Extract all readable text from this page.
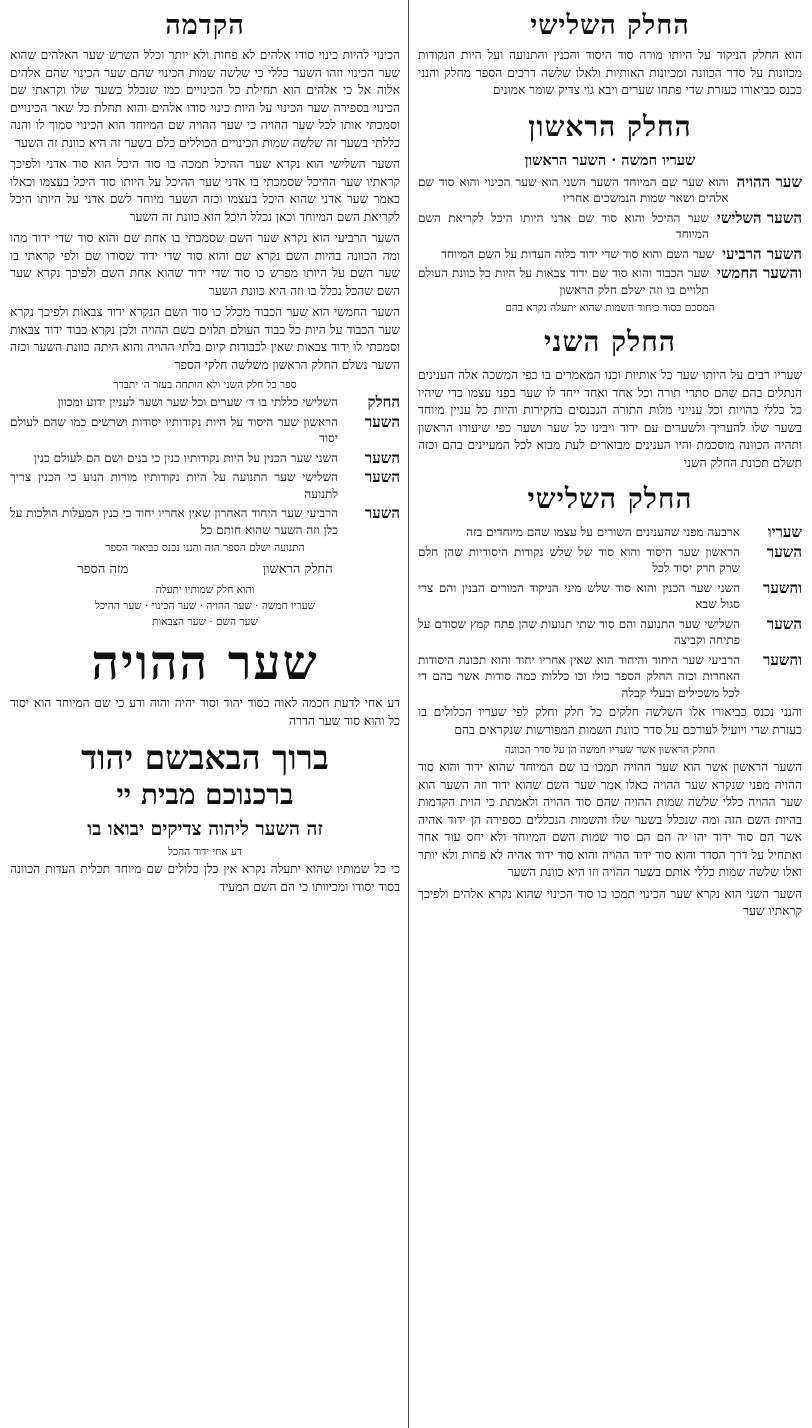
החלק השלישי

הוא החלק הניקוד על היותו מורה סוד היסוד והכנין והתנועה ועל היות הנקודות מכוונות על סדר הכוונה ומכיונות האותיות ולאלו שלשה דרכים הספר מחלק והנני ככנס כביאורו כעזרת שדי פתחו שערים ויבא גוי צדיק שומר אמונים

החלק הראשון
שעריו חמשה · השער הראשון
שער ההויה
והוא שער שם המיוחד השער השני הוא שער הכינוי והוא סוד שם אלהים ושאר שמות הנמשכים אחריו
השער השלישי
שער ההיכל והוא סוד שם אדני היותו היכל לקריאת השם המיוחד
השער הרביעי
שער השם והוא סוד שדי ידוד כלוה העדות על השם המיוחד
והשער החמשי
שער הכבוד והוא סוד שם ידוד צבאות על היות כל כוונת העולם תלויים בו וזה ישלם חלק הראשון

המסכם כסוד כיחוד השמות שהוא יתעלה נקרא בהם

החלק השני

שעריו רבים על היותו שער כל אותיות וכנו המאמרים בו כפי המשכה אלה הענינים הנתלים בהם שהם סתרי תורה וכל אחד ואחד ייחד לו שער בפני עצמו כדי שיהיו כל כללי כהויות וכל ענייני מלות התורה הנכנסים בחקירות והיות כל עניין מיוחד בשער שלו להעריך ולשערים עם ידוד ויבינו כל שער ושער כפי שיעורו הראשון ותהיה הכוונה מוסכמת והיו הענינים מבוארים לעת מבוא לכל המעיינים בהם וכזה תשלם תכונת החלק השני

החלק השלישי
שעריו
ארבעה מפני שהענינים השורים על עצמו שהם מיוחדים בזה
השער
הראשון שער היסוד והוא סוד של שלש נקודות היסודיות שהן חלם שרק חרק יסוד לכל
והשער
השני שער הכנין והוא סוד שלש מיני הניקוד המורים הבנין והם צרי סגול שבא
השער
השלישי שער התנועה והם סוד שתי תנועות שהן פתח קמץ שסודם על פתיחה וקביצה
והשער
הרביעי שער היחוד והיחוד הוא שאין אחריו יחוד והוא תכונת היסודות האחרות וכזה החלק הספר כולו וכו כללות כמה סודות אשר בהם די לכל משכילים ובעלי קבלה

והנני נכנס כביאורו אלו השלשה חלקים כל חלק וחלק לפי שעריו הכלולים בו כעזרת שדי ויועיל לעורכם על סדר כוונת השמות המפורשות שנקראים בהם

החלק הראשון אשר שעריו חמשה הן על סדר הכוונה

השער הראשון אשר הוא שער ההויה תמכו בו שם המיוחד שהוא ידוד והוא סוד ההויה מפני שנקרא שער ההויה כאלו אמר שער השם שהוא ידוד וזה השער הוא שער ההויה כללי שלשה שמות ההויה שהם סוד ההויה ולאמתת כי הוית הקדמות בהיות השם הזה ומה שנכלל בשער שלו והשמות הנכללים כספירה הן ידוד אהיה אשר הם סוד ידוד יהו יה הם הם סוד שמות השם המיוחד ולא יחס עוד אחר ואתחיל על דרך הסדר והוא סוד ידוד ההויה והוא סוד ידוד אהיה לא פחות ולא יותר ואלו שלשה שמות כללי אותם בשער ההויה וזו היא כוונת השער

השער השני הוא נקרא שער הכינוי תמכו כו סוד הכינוי שהוא נקרא אלהים ולפיכך קראתיו שער

הקדמה

הכינוי להיות כינוי סודו אלהים לא פחות ולא יותר וכלל השרש שער האלהים שהוא שער הכינוי וזהו השער כללי כי שלשה שמות הכינוי שהם שער הכינוי שהם אלהים אלוה אל כי אלהים הוא תחילת כל הכינויים כמו שנכלל כשער שלו וקראתי שם הכינוי בספירה שער הכינוי על היות כינוי סודו אלהים והוא תחלת כל שאר הכינויים וסמכתי אותו לכל שער ההויה כי שער ההויה שם המיוחד הוא הכינוי סמוך לו והנה כללתי בשער זה שלשה שמות הכינויים הכוללים כלם בשער זה היא כוונת זה השער

השער השלישי הוא נקרא שער ההיכל תמכה בו סוד היכל הוא סוד אדני ולפיכך קראתיו שער ההיכל שסמכתי בו אדני שער ההיכל על היותו סוד היכל בעצמו וכאלו כאמר שער אדני שהוא היכל בעצמו וכזה השער מיוחד לשם אדני על היותו היכל לקריאת השם המיוחד וכאן נכלל היכל הוא כוונת זה השער

השער הרביעי הוא נקרא שער השם שסמכתי בו אחת שם והוא סוד שדי ידוד מהו ומה הכוונה בהיות השם נקרא שם והוא סוד שדי ידוד שסודו שם ולפי קראתי בו שער השם על היותו מפרש כו סוד שדי ידוד שהוא אחת השם ולפיכך נקרא שער השם שהכל נכלל בו וזה היא כוונת השער

השער החמשי הוא שער הכבוד מכלל כו סוד השם הנקרא ידוד צבאות ולפיכך נקרא שער הכבוד על היות כל כבוד העולם תלוים בשם ההויה ולכן נקרא כבוד ידוד צבאות וסמכתי לו ידוד צבאות שאין לכבודות קיום בלתי ההויה והוא היתה כוונת השער וכזה השער נשלם החלק הראשון משלשה חלקי הספר

ספר כל חלק השני ולא הותחה בעזר ה׳ יתברך

החלק
השלישי כללתי בו ד׳ שערים וכל שער ושער לעניין ידוע ומכוון
השער
הראשון שער היסוד על היות נקודותיו יסודות ושרשים כמו שהם לעולם יסוד
השער
השני שער הכנין על היות נקודותיו כנין כי בנים ושם הם לעולם כנין
השער
השלישי שער התנועה על היות נקודותיו מורות הנוע כי הכנין צריך לתנועה
השער
הרביעי שער היחוד האחרון שאין אחריו יחוד כי כנין המעלות הולכות על כלן וזה השער שהוא חותם כל

התנועה ישלם הספר הזה והנני נכנס כביאור הספר

החלק הראשון
מזה הספר

והוא חלק שמותיו יתעלה

שעריו חמשה · שער ההויה · שער הכינוי · שער ההיכל

שער השם · שער הצבאות

שער ההויה

דע אחי לדעת חכמה לאוה כסוד יהוד וסוד יהיה והוה ודע כי שם המיוחד הוא יסוד כל והוא סוד שער הדרה

ברוך הבאבשם יהוד
ברכנוכם מבית יי
זה השער ליהוה צדיקים יבואו בו

דע אחי ידוד ההכל

כי כל שמותיו שהוא יתעלה נקרא אין כלן כלולים שם מיוחד תכלית העדות הכוונה בסוד יסודו ומכיוותו כי הם השם המעיד
